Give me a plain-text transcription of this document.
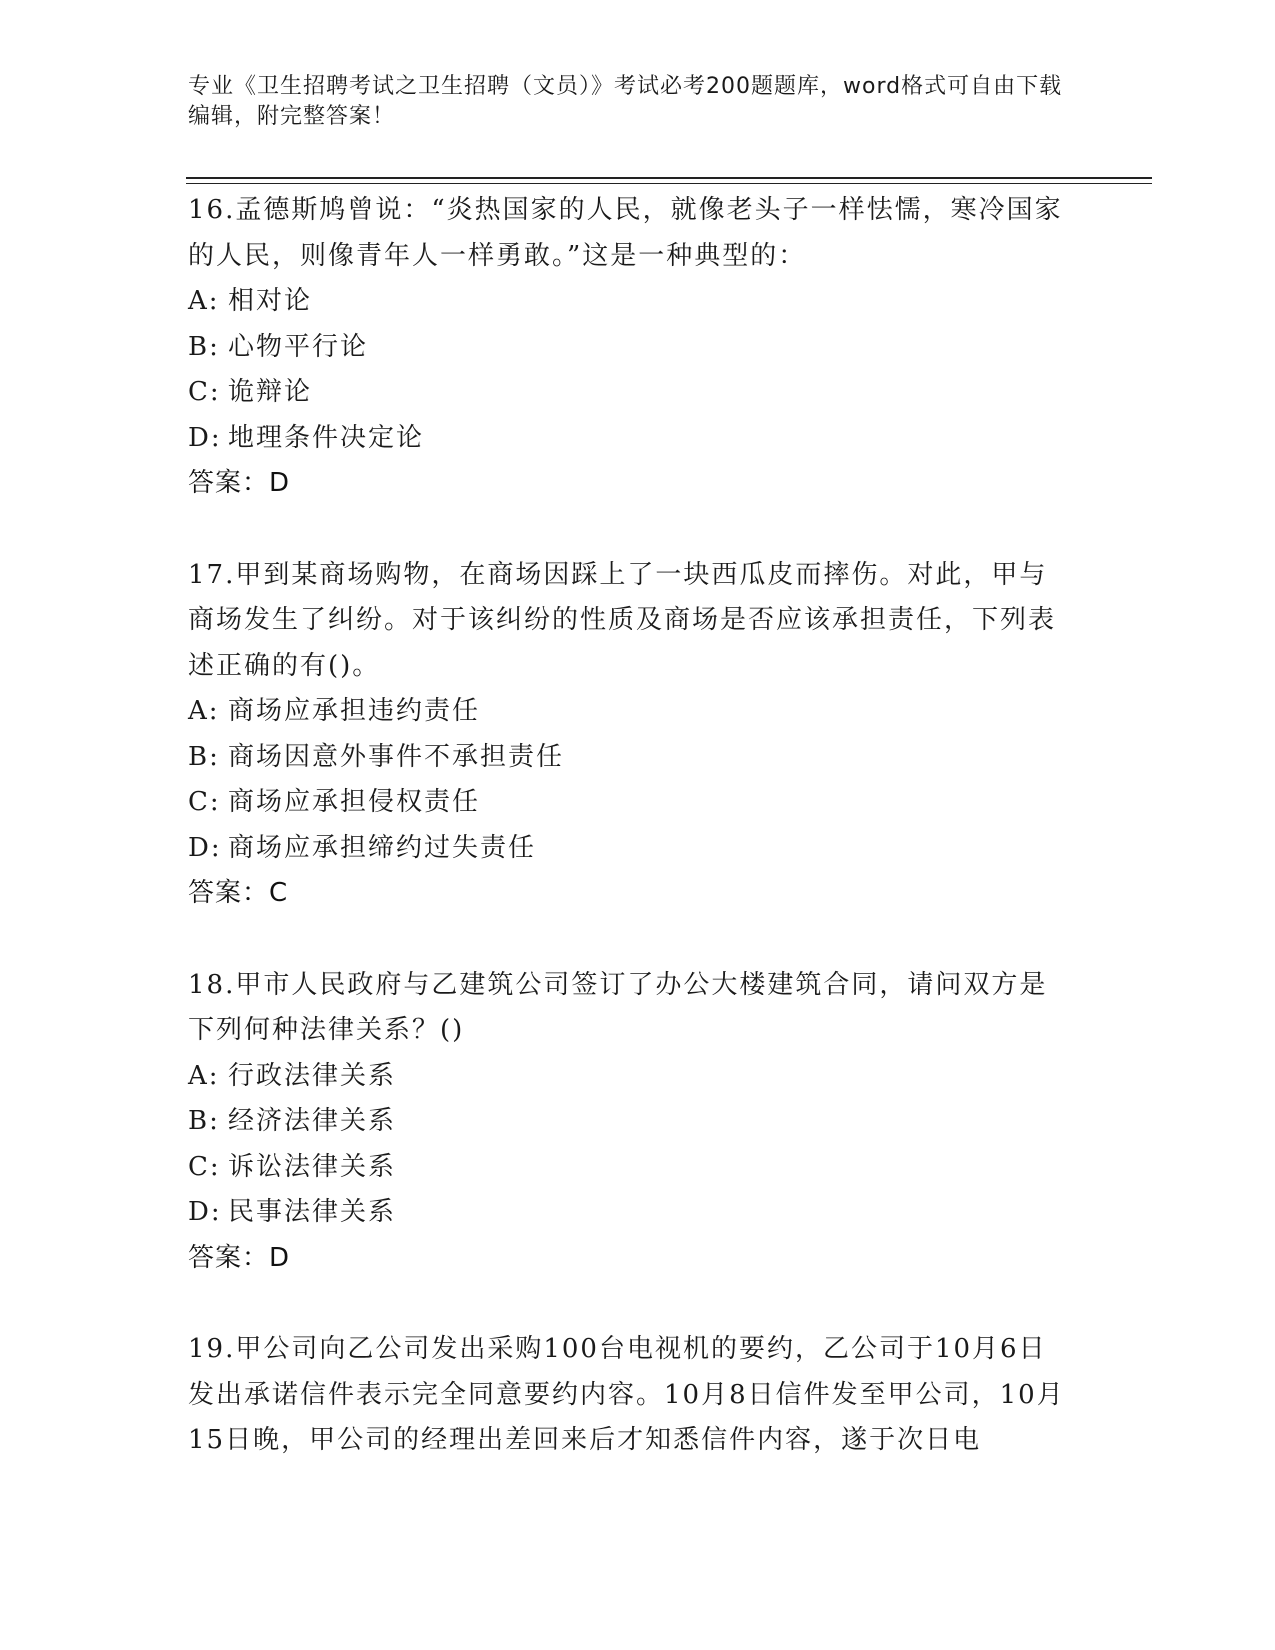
专业《卫生招聘考试之卫生招聘（文员）》考试必考200题题库，word格式可自由下载编辑，附完整答案！
16.孟德斯鸠曾说：“炎热国家的人民，就像老头子一样怯懦，寒冷国家的人民，则像青年人一样勇敢。”这是一种典型的：
A: 相对论
B: 心物平行论
C: 诡辩论
D: 地理条件决定论
答案：D
17.甲到某商场购物，在商场因踩上了一块西瓜皮而摔伤。对此，甲与商场发生了纠纷。对于该纠纷的性质及商场是否应该承担责任，下列表述正确的有()。
A: 商场应承担违约责任
B: 商场因意外事件不承担责任
C: 商场应承担侵权责任
D: 商场应承担缔约过失责任
答案：C
18.甲市人民政府与乙建筑公司签订了办公大楼建筑合同，请问双方是下列何种法律关系？()
A: 行政法律关系
B: 经济法律关系
C: 诉讼法律关系
D: 民事法律关系
答案：D
19.甲公司向乙公司发出采购100台电视机的要约，乙公司于10月6日发出承诺信件表示完全同意要约内容。10月8日信件发至甲公司，10月15日晚，甲公司的经理出差回来后才知悉信件内容，遂于次日电
